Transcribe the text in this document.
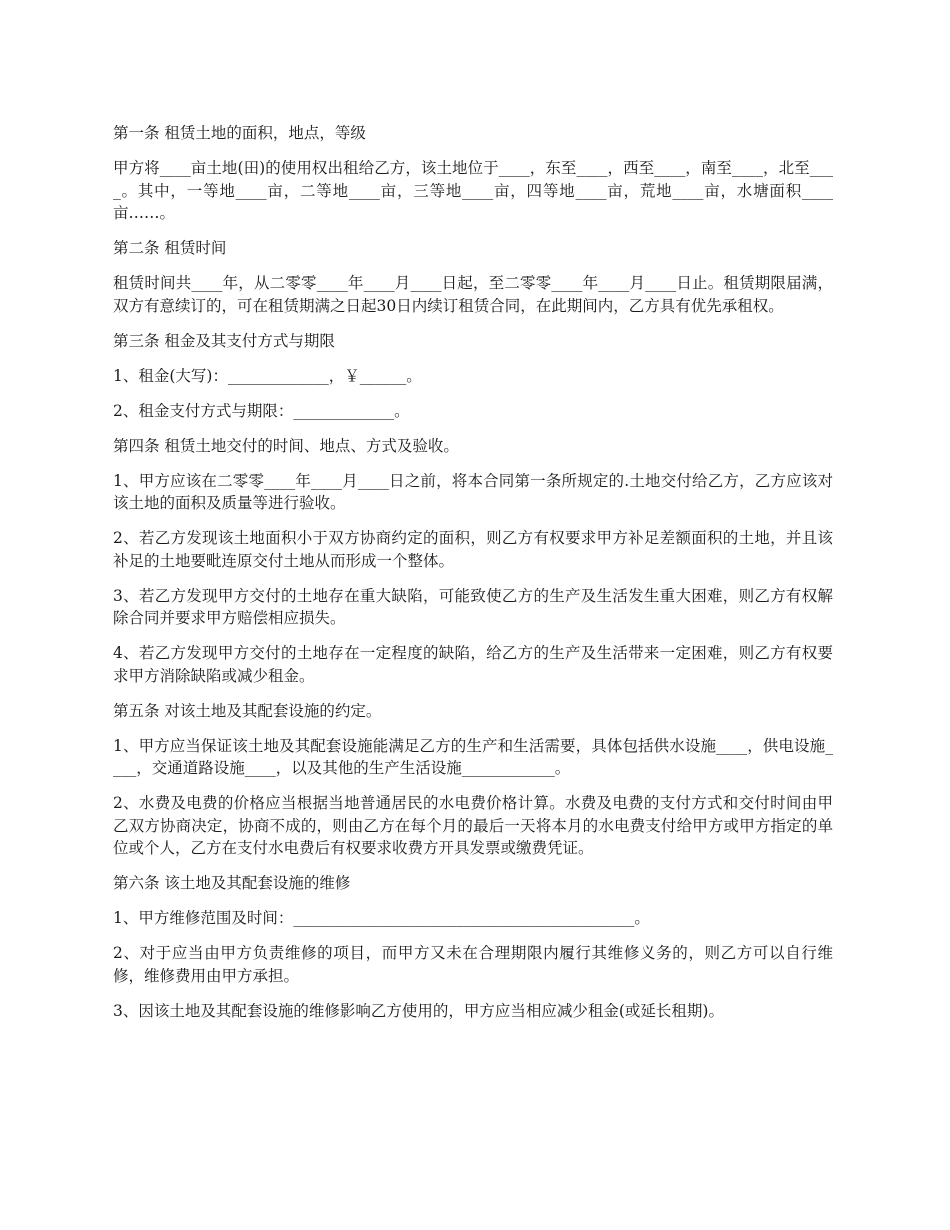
第一条 租赁土地的面积，地点，等级

甲方将____亩土地(田)的使用权出租给乙方，该土地位于____，东至____，西至____，南至____，北至____。其中，一等地____亩，二等地____亩，三等地____亩，四等地____亩，荒地____亩，水塘面积____亩……。

第二条 租赁时间

租赁时间共____年，从二零零____年____月____日起，至二零零____年____月____日止。租赁期限届满，双方有意续订的，可在租赁期满之日起30日内续订租赁合同，在此期间内，乙方具有优先承租权。

第三条 租金及其支付方式与期限

1、租金(大写)：_____________，￥______。

2、租金支付方式与期限：_____________。

第四条 租赁土地交付的时间、地点、方式及验收。

1、甲方应该在二零零____年____月____日之前，将本合同第一条所规定的.土地交付给乙方，乙方应该对该土地的面积及质量等进行验收。

2、若乙方发现该土地面积小于双方协商约定的面积，则乙方有权要求甲方补足差额面积的土地，并且该补足的土地要毗连原交付土地从而形成一个整体。

3、若乙方发现甲方交付的土地存在重大缺陷，可能致使乙方的生产及生活发生重大困难，则乙方有权解除合同并要求甲方赔偿相应损失。

4、若乙方发现甲方交付的土地存在一定程度的缺陷，给乙方的生产及生活带来一定困难，则乙方有权要求甲方消除缺陷或减少租金。

第五条 对该土地及其配套设施的约定。

1、甲方应当保证该土地及其配套设施能满足乙方的生产和生活需要，具体包括供水设施____，供电设施____，交通道路设施____，以及其他的生产生活设施____________。

2、水费及电费的价格应当根据当地普通居民的水电费价格计算。水费及电费的支付方式和交付时间由甲乙双方协商决定，协商不成的，则由乙方在每个月的最后一天将本月的水电费支付给甲方或甲方指定的单位或个人，乙方在支付水电费后有权要求收费方开具发票或缴费凭证。

第六条 该土地及其配套设施的维修

1、甲方维修范围及时间：____________________________________________。

2、对于应当由甲方负责维修的项目，而甲方又未在合理期限内履行其维修义务的，则乙方可以自行维修，维修费用由甲方承担。

3、因该土地及其配套设施的维修影响乙方使用的，甲方应当相应减少租金(或延长租期)。
